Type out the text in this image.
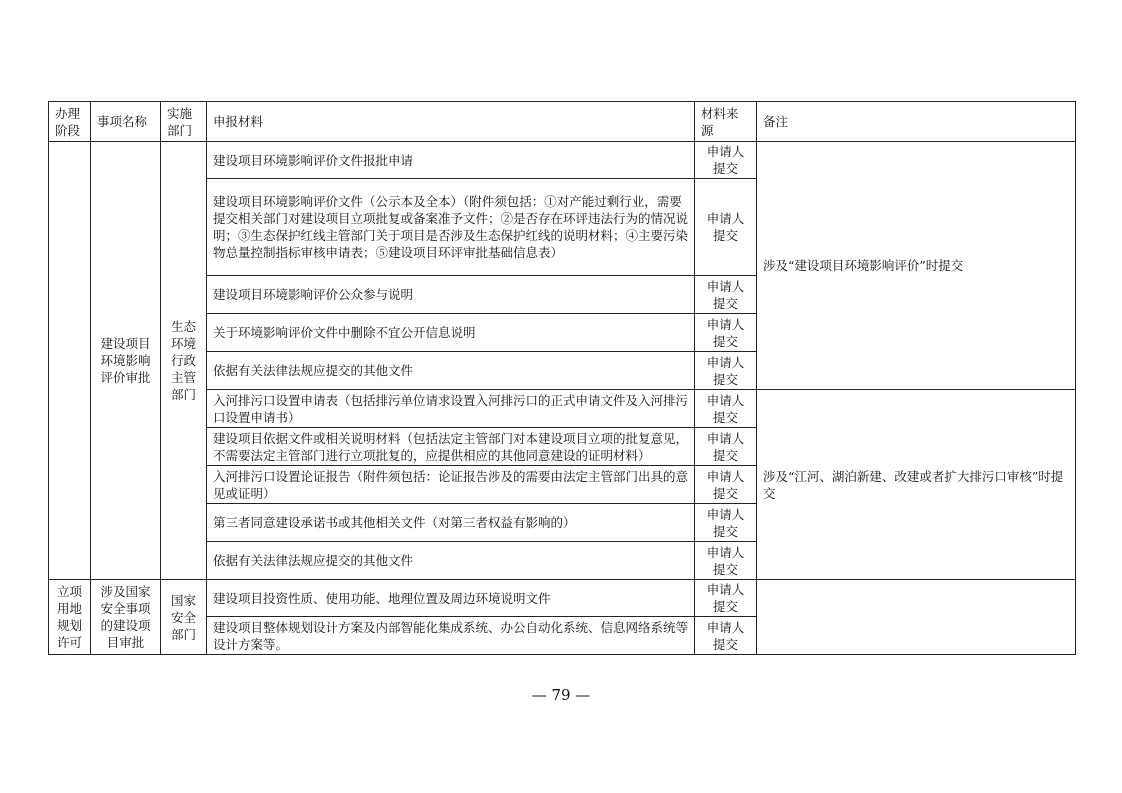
办理阶段	事项名称	实施部门	申报材料	材料来源	备注
	建设项目环境影响评价审批	生态环境行政主管部门	建设项目环境影响评价文件报批申请	申请人提交	涉及“建设项目环境影响评价”时提交
			建设项目环境影响评价文件（公示本及全本）（附件须包括：①对产能过剩行业，需要提交相关部门对建设项目立项批复或备案准予文件；②是否存在环评违法行为的情况说明；③生态保护红线主管部门关于项目是否涉及生态保护红线的说明材料；④主要污染物总量控制指标审核申请表；⑤建设项目环评审批基础信息表）	申请人提交	
			建设项目环境影响评价公众参与说明	申请人提交	
			关于环境影响评价文件中删除不宜公开信息说明	申请人提交	
			依据有关法律法规应提交的其他文件	申请人提交	
			入河排污口设置申请表（包括排污单位请求设置入河排污口的正式申请文件及入河排污口设置申请书）	申请人提交	涉及“江河、湖泊新建、改建或者扩大排污口审核”时提交
			建设项目依据文件或相关说明材料（包括法定主管部门对本建设项目立项的批复意见，不需要法定主管部门进行立项批复的，应提供相应的其他同意建设的证明材料）	申请人提交	
			入河排污口设置论证报告（附件须包括：论证报告涉及的需要由法定主管部门出具的意见或证明）	申请人提交	
			第三者同意建设承诺书或其他相关文件（对第三者权益有影响的）	申请人提交	
			依据有关法律法规应提交的其他文件	申请人提交	
立项用地规划许可	涉及国家安全事项的建设项目审批	国家安全部门	建设项目投资性质、使用功能、地理位置及周边环境说明文件	申请人提交	
			建设项目整体规划设计方案及内部智能化集成系统、办公自动化系统、信息网络系统等设计方案等。	申请人提交	
— 79 —
